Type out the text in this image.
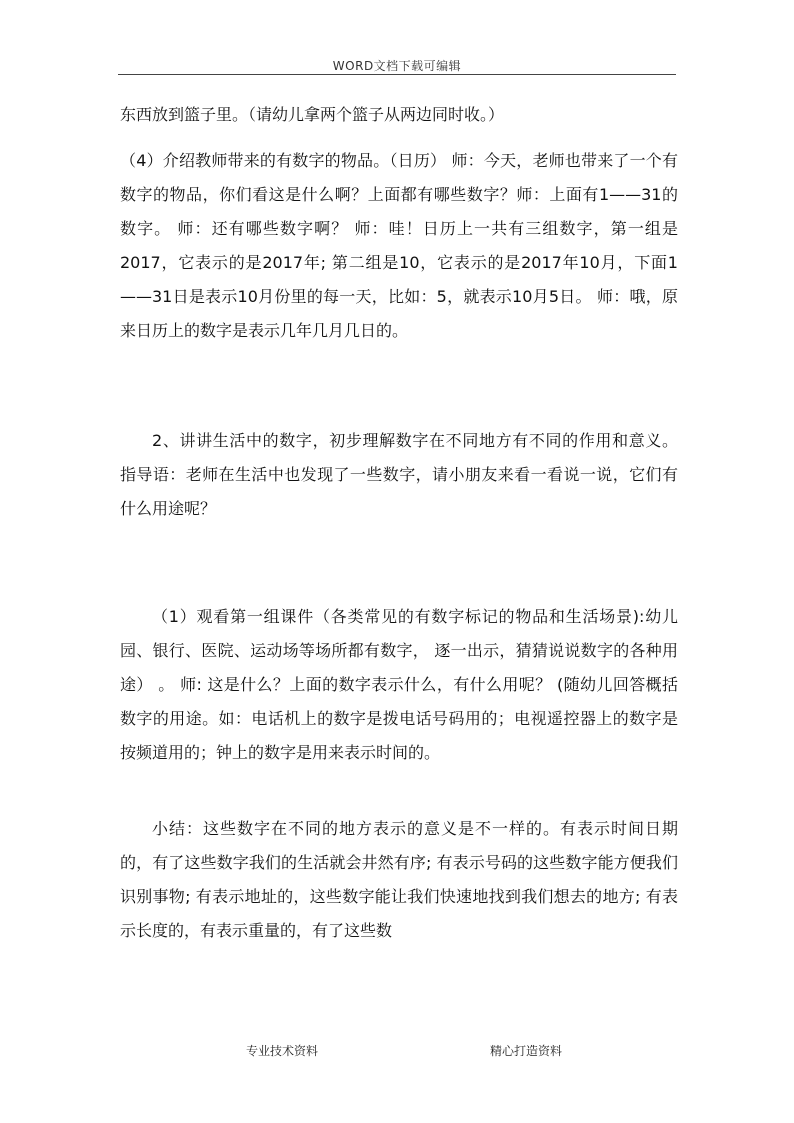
WORD文档下载可编辑

东西放到篮子里。（请幼儿拿两个篮子从两边同时收。）

（4）介绍教师带来的有数字的物品。（日历） 师：今天，老师也带来了一个有数字的物品，你们看这是什么啊？上面都有哪些数字？师：上面有1——31的数字。 师：还有哪些数字啊？ 师：哇！日历上一共有三组数字，第一组是2017，它表示的是2017年; 第二组是10，它表示的是2017年10月，下面1——31日是表示10月份里的每一天，比如：5，就表示10月5日。 师：哦，原来日历上的数字是表示几年几月几日的。

2、讲讲生活中的数字，初步理解数字在不同地方有不同的作用和意义。 指导语：老师在生活中也发现了一些数字，请小朋友来看一看说一说，它们有什么用途呢？

（1）观看第一组课件（各类常见的有数字标记的物品和生活场景):幼儿园、银行、医院、运动场等场所都有数字， 逐一出示，猜猜说说数字的各种用途） 。 师: 这是什么？上面的数字表示什么，有什么用呢？ (随幼儿回答概括数字的用途。如：电话机上的数字是拨电话号码用的；电视遥控器上的数字是按频道用的；钟上的数字是用来表示时间的。

小结：这些数字在不同的地方表示的意义是不一样的。有表示时间日期的，有了这些数字我们的生活就会井然有序; 有表示号码的这些数字能方便我们识别事物; 有表示地址的，这些数字能让我们快速地找到我们想去的地方; 有表示长度的，有表示重量的，有了这些数

专业技术资料	精心打造资料
